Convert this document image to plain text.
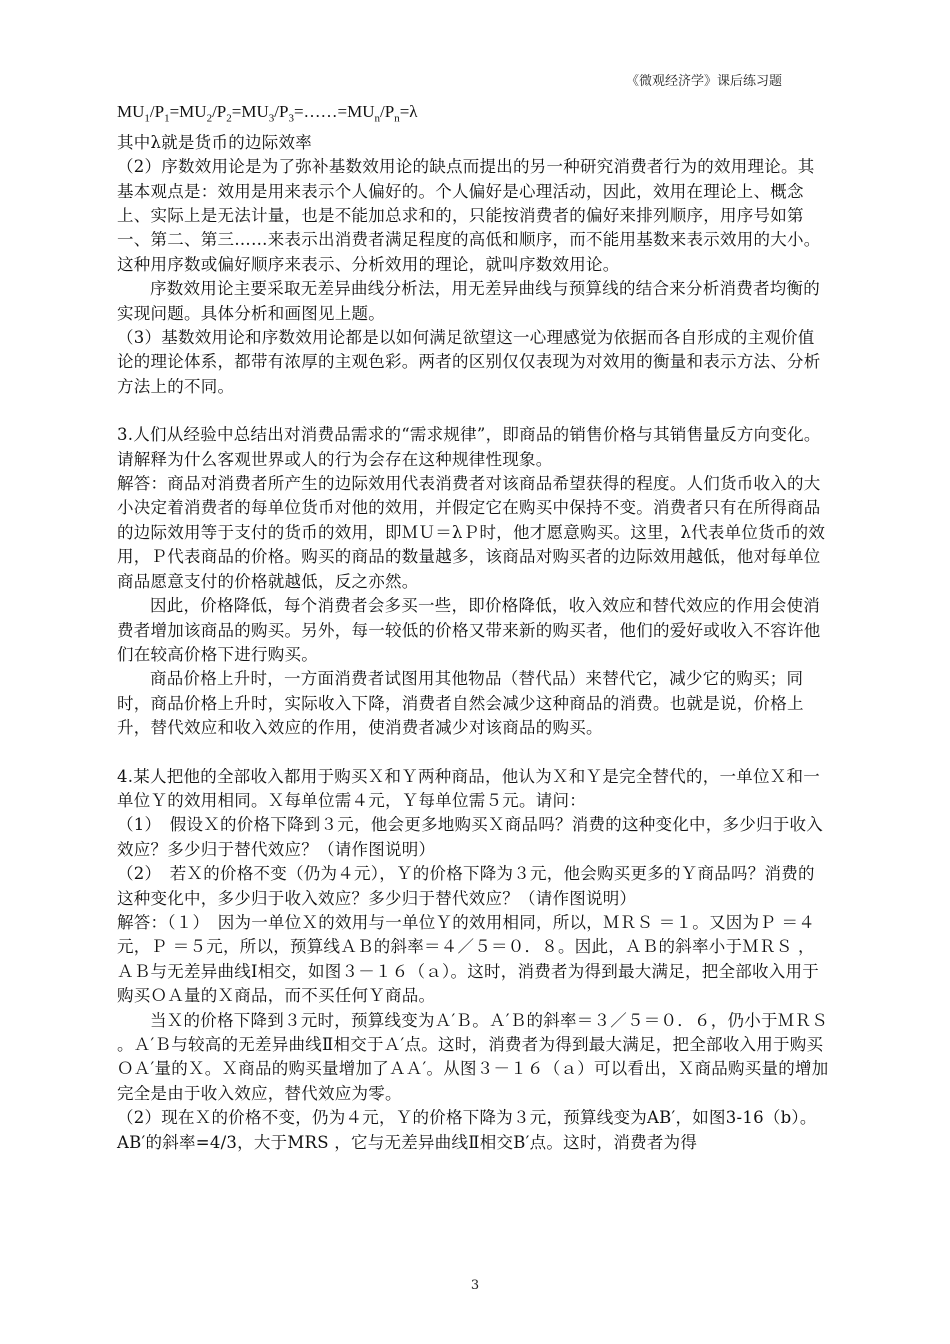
《微观经济学》课后练习题

$MU_1/P_1=MU_2/P_2=MU_3/P_3=\dots\dots=MU_n/P_n=\lambda$

其中λ就是货币的边际效率

（2）序数效用论是为了弥补基数效用论的缺点而提出的另一种研究消费者行为的效用理论。其基本观点是：效用是用来表示个人偏好的。个人偏好是心理活动，因此，效用在理论上、概念上、实际上是无法计量，也是不能加总求和的，只能按消费者的偏好来排列顺序，用序号如第一、第二、第三……来表示出消费者满足程度的高低和顺序，而不能用基数来表示效用的大小。这种用序数或偏好顺序来表示、分析效用的理论，就叫序数效用论。

序数效用论主要采取无差异曲线分析法，用无差异曲线与预算线的结合来分析消费者均衡的实现问题。具体分析和画图见上题。

（3）基数效用论和序数效用论都是以如何满足欲望这一心理感觉为依据而各自形成的主观价值论的理论体系，都带有浓厚的主观色彩。两者的区别仅仅表现为对效用的衡量和表示方法、分析方法上的不同。

3.人们从经验中总结出对消费品需求的“需求规律”，即商品的销售价格与其销售量反方向变化。请解释为什么客观世界或人的行为会存在这种规律性现象。

解答：商品对消费者所产生的边际效用代表消费者对该商品希望获得的程度。人们货币收入的大小决定着消费者的每单位货币对他的效用，并假定它在购买中保持不变。消费者只有在所得商品的边际效用等于支付的货币的效用，即ＭＵ＝λＰ时，他才愿意购买。这里，λ代表单位货币的效用，Ｐ代表商品的价格。购买的商品的数量越多，该商品对购买者的边际效用越低，他对每单位商品愿意支付的价格就越低，反之亦然。

因此，价格降低，每个消费者会多买一些，即价格降低，收入效应和替代效应的作用会使消费者增加该商品的购买。另外，每一较低的价格又带来新的购买者，他们的爱好或收入不容许他们在较高价格下进行购买。

商品价格上升时，一方面消费者试图用其他物品（替代品）来替代它，减少它的购买；同时，商品价格上升时，实际收入下降，消费者自然会减少这种商品的消费。也就是说，价格上升，替代效应和收入效应的作用，使消费者减少对该商品的购买。

4.某人把他的全部收入都用于购买Ｘ和Ｙ两种商品，他认为Ｘ和Ｙ是完全替代的，一单位Ｘ和一单位Ｙ的效用相同。Ｘ每单位需４元，Ｙ每单位需５元。请问：

（1）　假设Ｘ的价格下降到３元，他会更多地购买Ｘ商品吗？消费的这种变化中，多少归于收入效应？多少归于替代效应？（请作图说明）

（2）　若Ｘ的价格不变（仍为４元），Ｙ的价格下降为３元，他会购买更多的Ｙ商品吗？消费的这种变化中，多少归于收入效应？多少归于替代效应？（请作图说明）

解答：（１）　因为一单位Ｘ的效用与一单位Ｙ的效用相同，所以，ＭＲＳ ＝１。又因为Ｐ ＝４元，Ｐ ＝５元，所以，预算线ＡＢ的斜率＝４／５＝０．８。因此，ＡＢ的斜率小于ＭＲＳ ，ＡＢ与无差异曲线Ⅰ相交，如图３－１６（ａ）。这时，消费者为得到最大满足，把全部收入用于购买ＯＡ量的Ｘ商品，而不买任何Ｙ商品。

当Ｘ的价格下降到３元时，预算线变为Ａ′Ｂ。Ａ′Ｂ的斜率＝３／５＝０．６，仍小于ＭＲＳ 。Ａ′Ｂ与较高的无差异曲线Ⅱ相交于Ａ′点。这时，消费者为得到最大满足，把全部收入用于购买ＯＡ′量的Ｘ。Ｘ商品的购买量增加了ＡＡ′。从图３－１６（ａ）可以看出，Ｘ商品购买量的增加完全是由于收入效应，替代效应为零。

（2）现在Ｘ的价格不变，仍为４元，Ｙ的价格下降为３元，预算线变为AB′，如图3-16（b）。AB′的斜率=4/3，大于MRS ，它与无差异曲线Ⅱ相交B′点。这时，消费者为得

3
